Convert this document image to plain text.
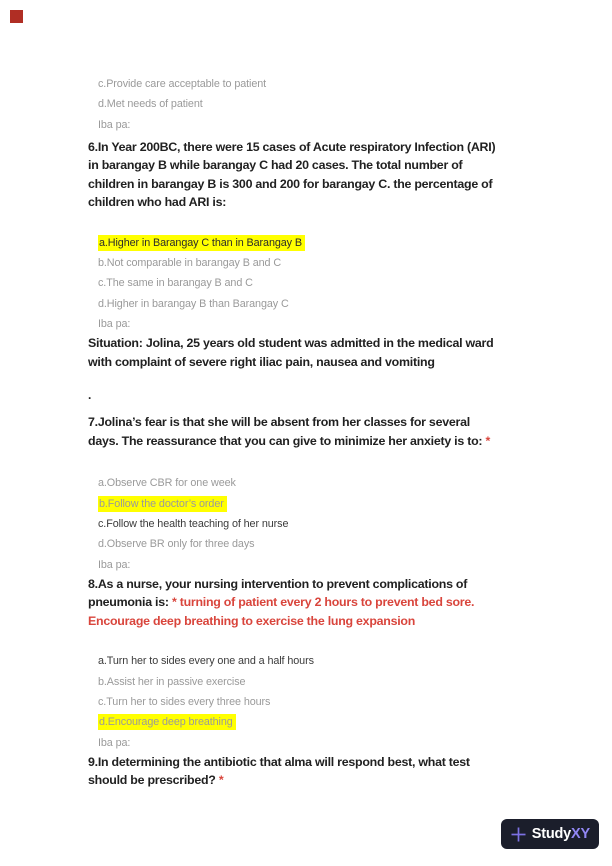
c.Provide care acceptable to patient
d.Met needs of patient
Iba pa:

6.In Year 200BC, there were 15 cases of Acute respiratory Infection (ARI)
in barangay B while barangay C had 20 cases. The total number of
children in barangay B is 300 and 200 for barangay C. the percentage of
children who had ARI is:

a.Higher in Barangay C than in Barangay B
b.Not comparable in barangay B and C
c.The same in barangay B and C
d.Higher in barangay B than Barangay C
Iba pa:

Situation: Jolina, 25 years old student was admitted in the medical ward
with complaint of severe right iliac pain, nausea and vomiting

.

7.Jolina’s fear is that she will be absent from her classes for several
days. The reassurance that you can give to minimize her anxiety is to: *

a.Observe CBR for one week
b.Follow the doctor’s order
c.Follow the health teaching of her nurse
d.Observe BR only for three days
Iba pa:

8.As a nurse, your nursing intervention to prevent complications of
pneumonia is: * turning of patient every 2 hours to prevent bed sore.
Encourage deep breathing to exercise the lung expansion

a.Turn her to sides every one and a half hours
b.Assist her in passive exercise
c.Turn her to sides every three hours
d.Encourage deep breathing
Iba pa:

9.In determining the antibiotic that alma will respond best, what test
should be prescribed? *

StudyXY
